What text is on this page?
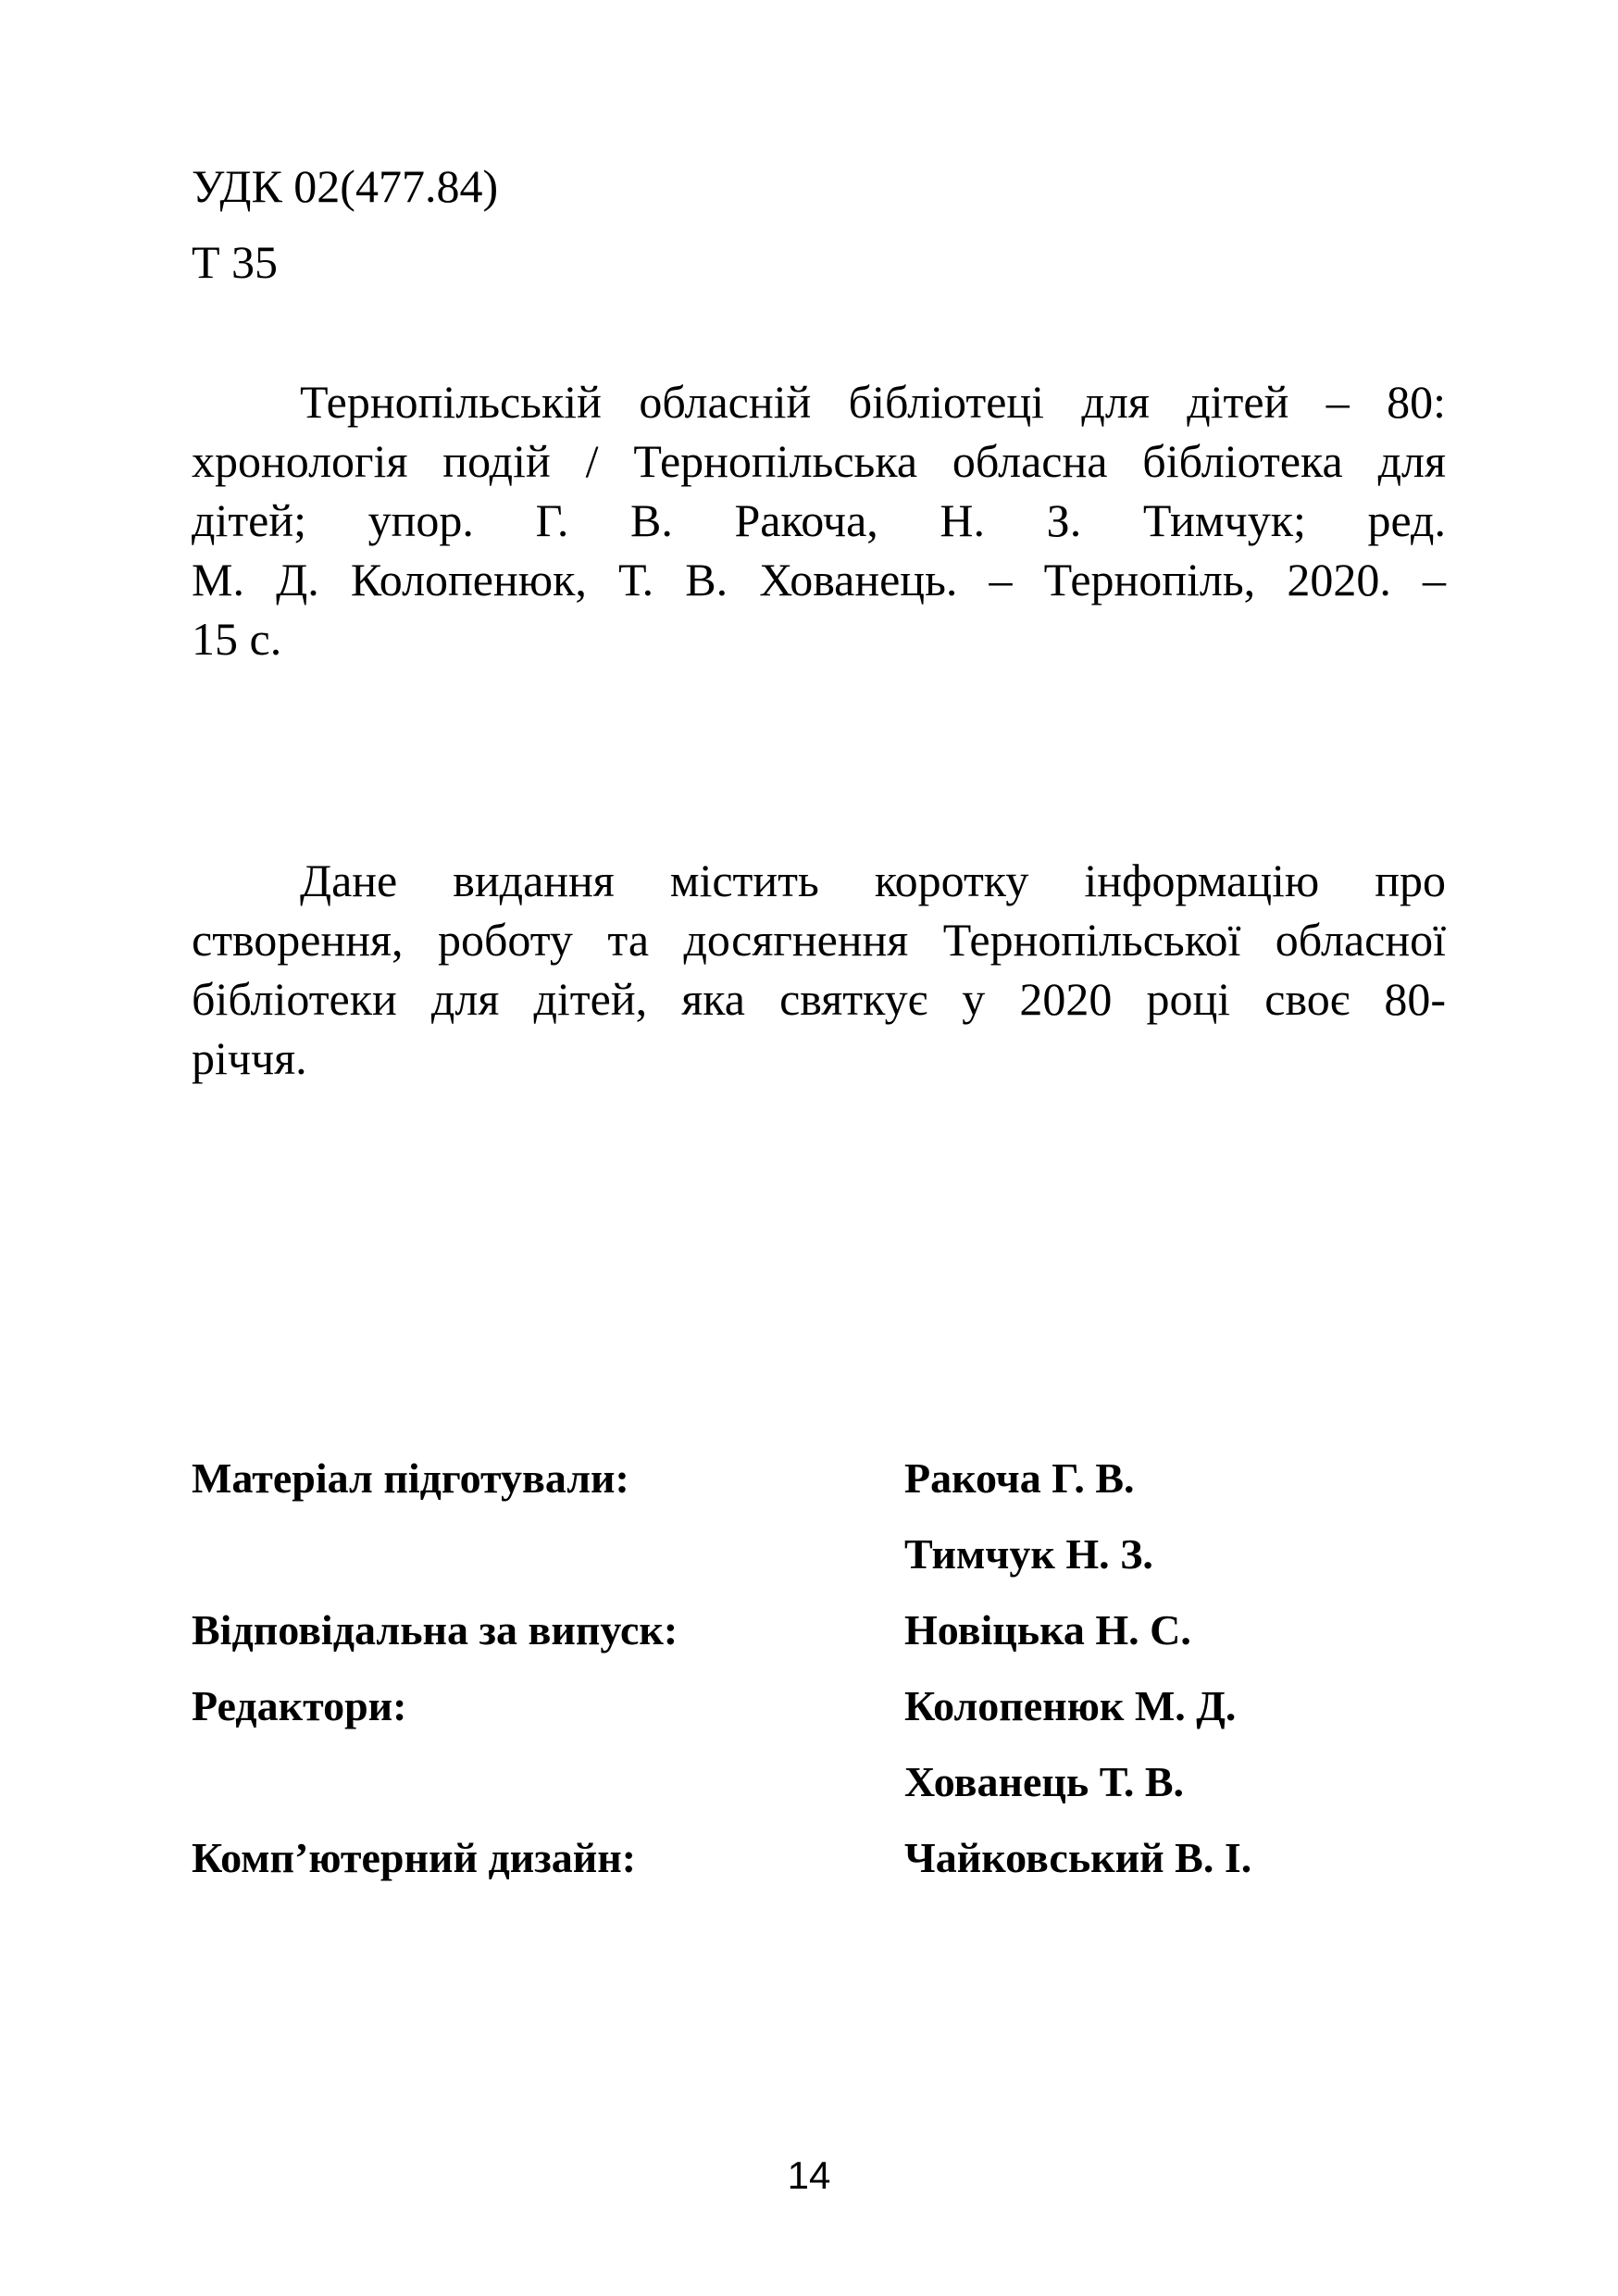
УДК 02(477.84)
Т 35
Тернопільській обласній бібліотеці для дітей – 80:
хронологія подій / Тернопільська обласна бібліотека для
дітей; упор. Г. В. Ракоча, Н. З. Тимчук; ред.
М. Д. Колопенюк, Т. В. Хованець. – Тернопіль, 2020. –
15 с.
Дане видання містить коротку інформацію про
створення, роботу та досягнення Тернопільської обласної
бібліотеки для дітей, яка святкує у 2020 році своє 80-
річчя.
Матеріал підготували:	Ракоча Г. В.
Тимчук Н. З.
Відповідальна за випуск:	Новіцька Н. С.
Редактори:	Колопенюк М. Д.
Хованець Т. В.
Комп’ютерний дизайн:	Чайковський В. І.
14
